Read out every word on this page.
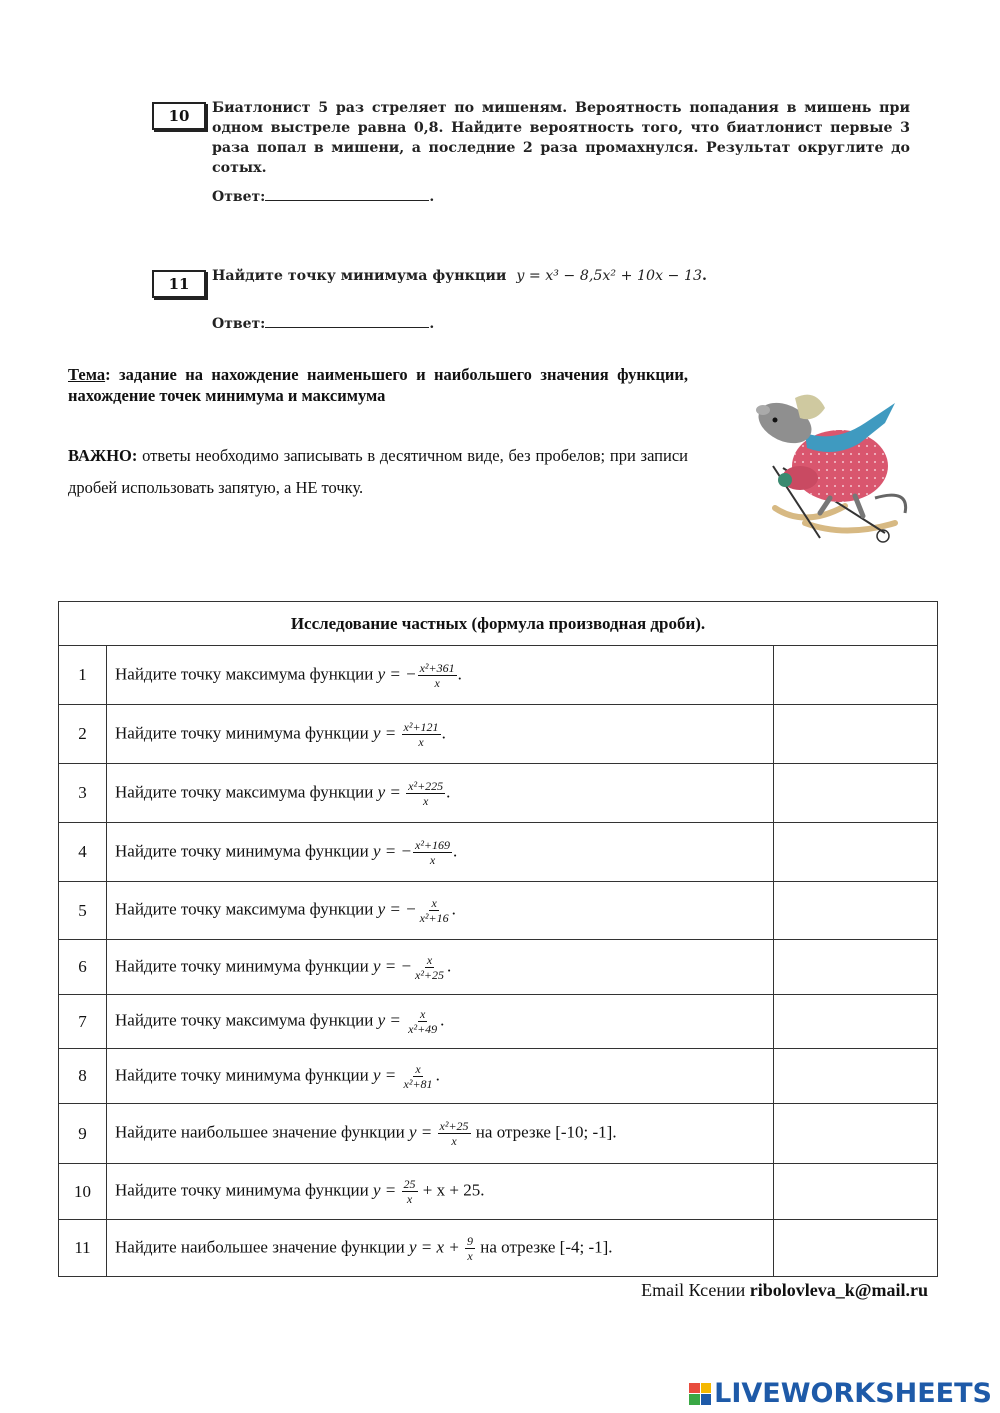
10	Биатлонист 5 раз стреляет по мишеням. Вероятность попадания в мишень при одном выстреле равна 0,8. Найдите вероятность того, что биатлонист первые 3 раза попал в мишени, а последние 2 раза промахнулся. Результат округлите до сотых.
Ответ:	.
11	Найдите точку минимума функции y = x³ − 8,5x² + 10x − 13.
Ответ:	.
Тема: задание на нахождение наименьшего и наибольшего значения функции, нахождение точек минимума и максимума
ВАЖНО: ответы необходимо записывать в десятичном виде, без пробелов; при записи дробей использовать запятую, а НЕ точку.
Исследование частных (формула производная дроби).		
1	Найдите точку максимума функции y = − $\frac{\text{x²+361}}{x}$ .	
2	Найдите точку минимума функции $y = \frac{\text{x²+121}}{x}$ .	
3	Найдите точку максимума функции $y = \frac{\text{x²+225}}{x}$ .	
4	Найдите точку минимума функции y = − $\frac{\text{x²+169}}{x}$ .	
5	Найдите точку максимума функции y = − $\frac{x}{\text{x²+16}}$ .	
6	Найдите точку минимума функции y = − $\frac{x}{\text{x²+25}}$ .	
7	Найдите точку максимума функции $y = \frac{x}{\text{x²+49}}$ .	
8	Найдите точку минимума функции $y = \frac{x}{\text{x²+81}}$ .	
9	Найдите наибольшее значение функции $y = \frac{\text{x²+25}}{x}$ на отрезке [-10; -1].	
10	Найдите точку минимума функции $y = \frac{25}{x} + x + 25$.	
11	Найдите наибольшее значение функции $y = x + \frac{9}{x}$ на отрезке [-4; -1].	
Email Ксении ribolovleva_k@mail.ru
LIVEWORKSHEETS
